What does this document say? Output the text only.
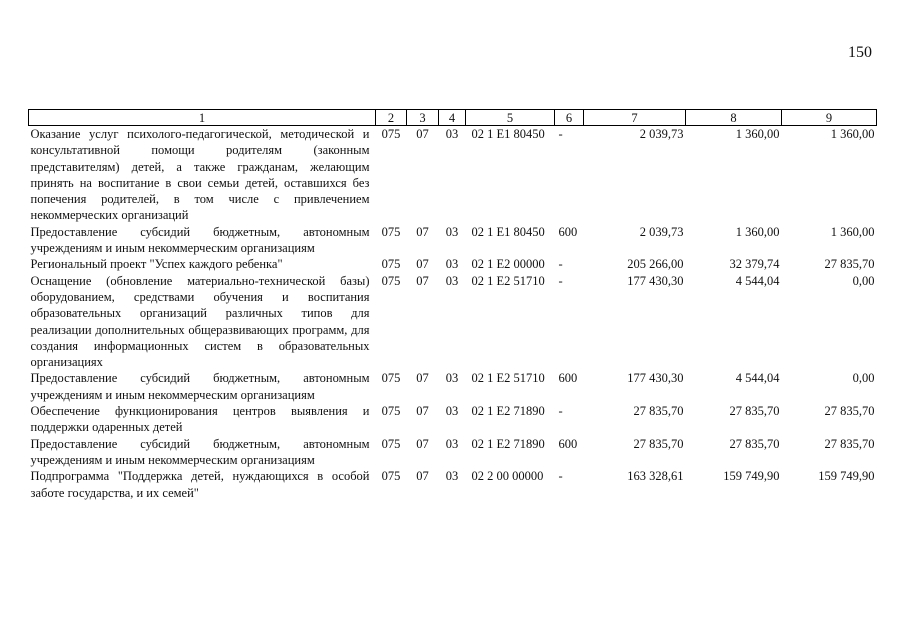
150
1	2	3	4	5	6	7	8	9
Оказание услуг психолого-педагогической, методической и консультативной помощи родителям (законным представителям) детей, а также гражданам, желающим принять на воспитание в свои семьи детей, оставшихся без попечения родителей, в том числе с привлечением некоммерческих организаций	075	07	03	02 1 E1 80450	-	2 039,73	1 360,00	1 360,00
Предоставление субсидий бюджетным, автономным учреждениям и иным некоммерческим организациям	075	07	03	02 1 E1 80450	600	2 039,73	1 360,00	1 360,00
Региональный проект "Успех каждого ребенка"	075	07	03	02 1 E2 00000	-	205 266,00	32 379,74	27 835,70
Оснащение (обновление материально-технической базы) оборудованием, средствами обучения и воспитания образовательных организаций различных типов для реализации дополнительных общеразвивающих программ, для создания информационных систем в образовательных организациях	075	07	03	02 1 E2 51710	-	177 430,30	4 544,04	0,00
Предоставление субсидий бюджетным, автономным учреждениям и иным некоммерческим организациям	075	07	03	02 1 E2 51710	600	177 430,30	4 544,04	0,00
Обеспечение функционирования центров выявления и поддержки одаренных детей	075	07	03	02 1 E2 71890	-	27 835,70	27 835,70	27 835,70
Предоставление субсидий бюджетным, автономным учреждениям и иным некоммерческим организациям	075	07	03	02 1 E2 71890	600	27 835,70	27 835,70	27 835,70
Подпрограмма "Поддержка детей, нуждающихся в особой заботе государства, и их семей"	075	07	03	02 2 00 00000	-	163 328,61	159 749,90	159 749,90
